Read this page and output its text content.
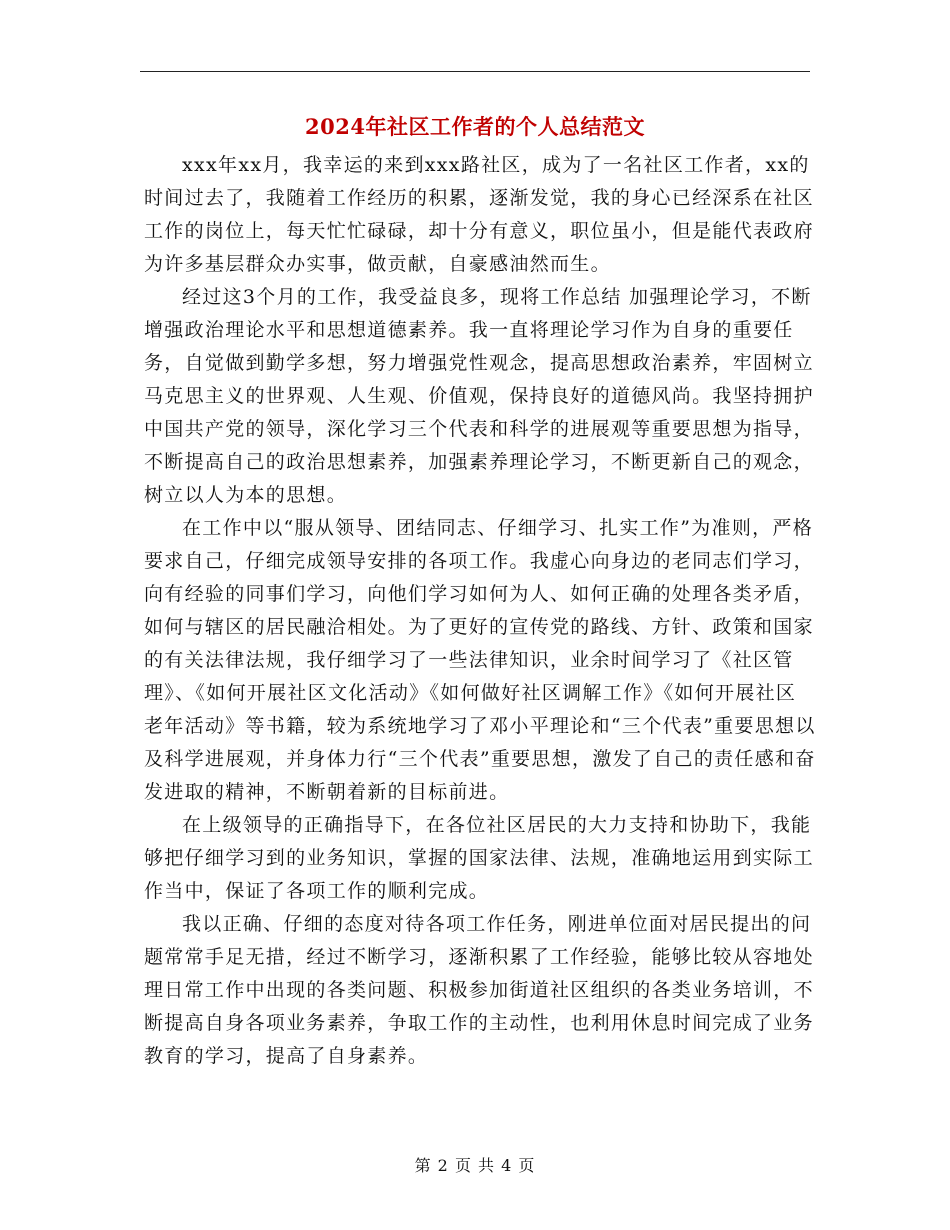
2024年社区工作者的个人总结范文

xxx年xx月，我幸运的来到xxx路社区，成为了一名社区工作者，xx的时间过去了，我随着工作经历的积累，逐渐发觉，我的身心已经深系在社区工作的岗位上，每天忙忙碌碌，却十分有意义，职位虽小，但是能代表政府为许多基层群众办实事，做贡献，自豪感油然而生。

经过这3个月的工作，我受益良多，现将工作总结 加强理论学习，不断增强政治理论水平和思想道德素养。我一直将理论学习作为自身的重要任务，自觉做到勤学多想，努力增强党性观念，提高思想政治素养，牢固树立马克思主义的世界观、人生观、价值观，保持良好的道德风尚。我坚持拥护中国共产党的领导，深化学习三个代表和科学的进展观等重要思想为指导，不断提高自己的政治思想素养，加强素养理论学习，不断更新自己的观念，树立以人为本的思想。

在工作中以“服从领导、团结同志、仔细学习、扎实工作”为准则，严格要求自己，仔细完成领导安排的各项工作。我虚心向身边的老同志们学习，向有经验的同事们学习，向他们学习如何为人、如何正确的处理各类矛盾，如何与辖区的居民融洽相处。为了更好的宣传党的路线、方针、政策和国家的有关法律法规，我仔细学习了一些法律知识，业余时间学习了《社区管理》、《如何开展社区文化活动》《如何做好社区调解工作》《如何开展社区老年活动》等书籍，较为系统地学习了邓小平理论和“三个代表”重要思想以及科学进展观，并身体力行“三个代表”重要思想，激发了自己的责任感和奋发进取的精神，不断朝着新的目标前进。

在上级领导的正确指导下，在各位社区居民的大力支持和协助下，我能够把仔细学习到的业务知识，掌握的国家法律、法规，准确地运用到实际工作当中，保证了各项工作的顺利完成。

我以正确、仔细的态度对待各项工作任务，刚进单位面对居民提出的问题常常手足无措，经过不断学习，逐渐积累了工作经验，能够比较从容地处理日常工作中出现的各类问题、积极参加街道社区组织的各类业务培训，不断提高自身各项业务素养，争取工作的主动性，也利用休息时间完成了业务教育的学习，提高了自身素养。

第 2 页 共 4 页
